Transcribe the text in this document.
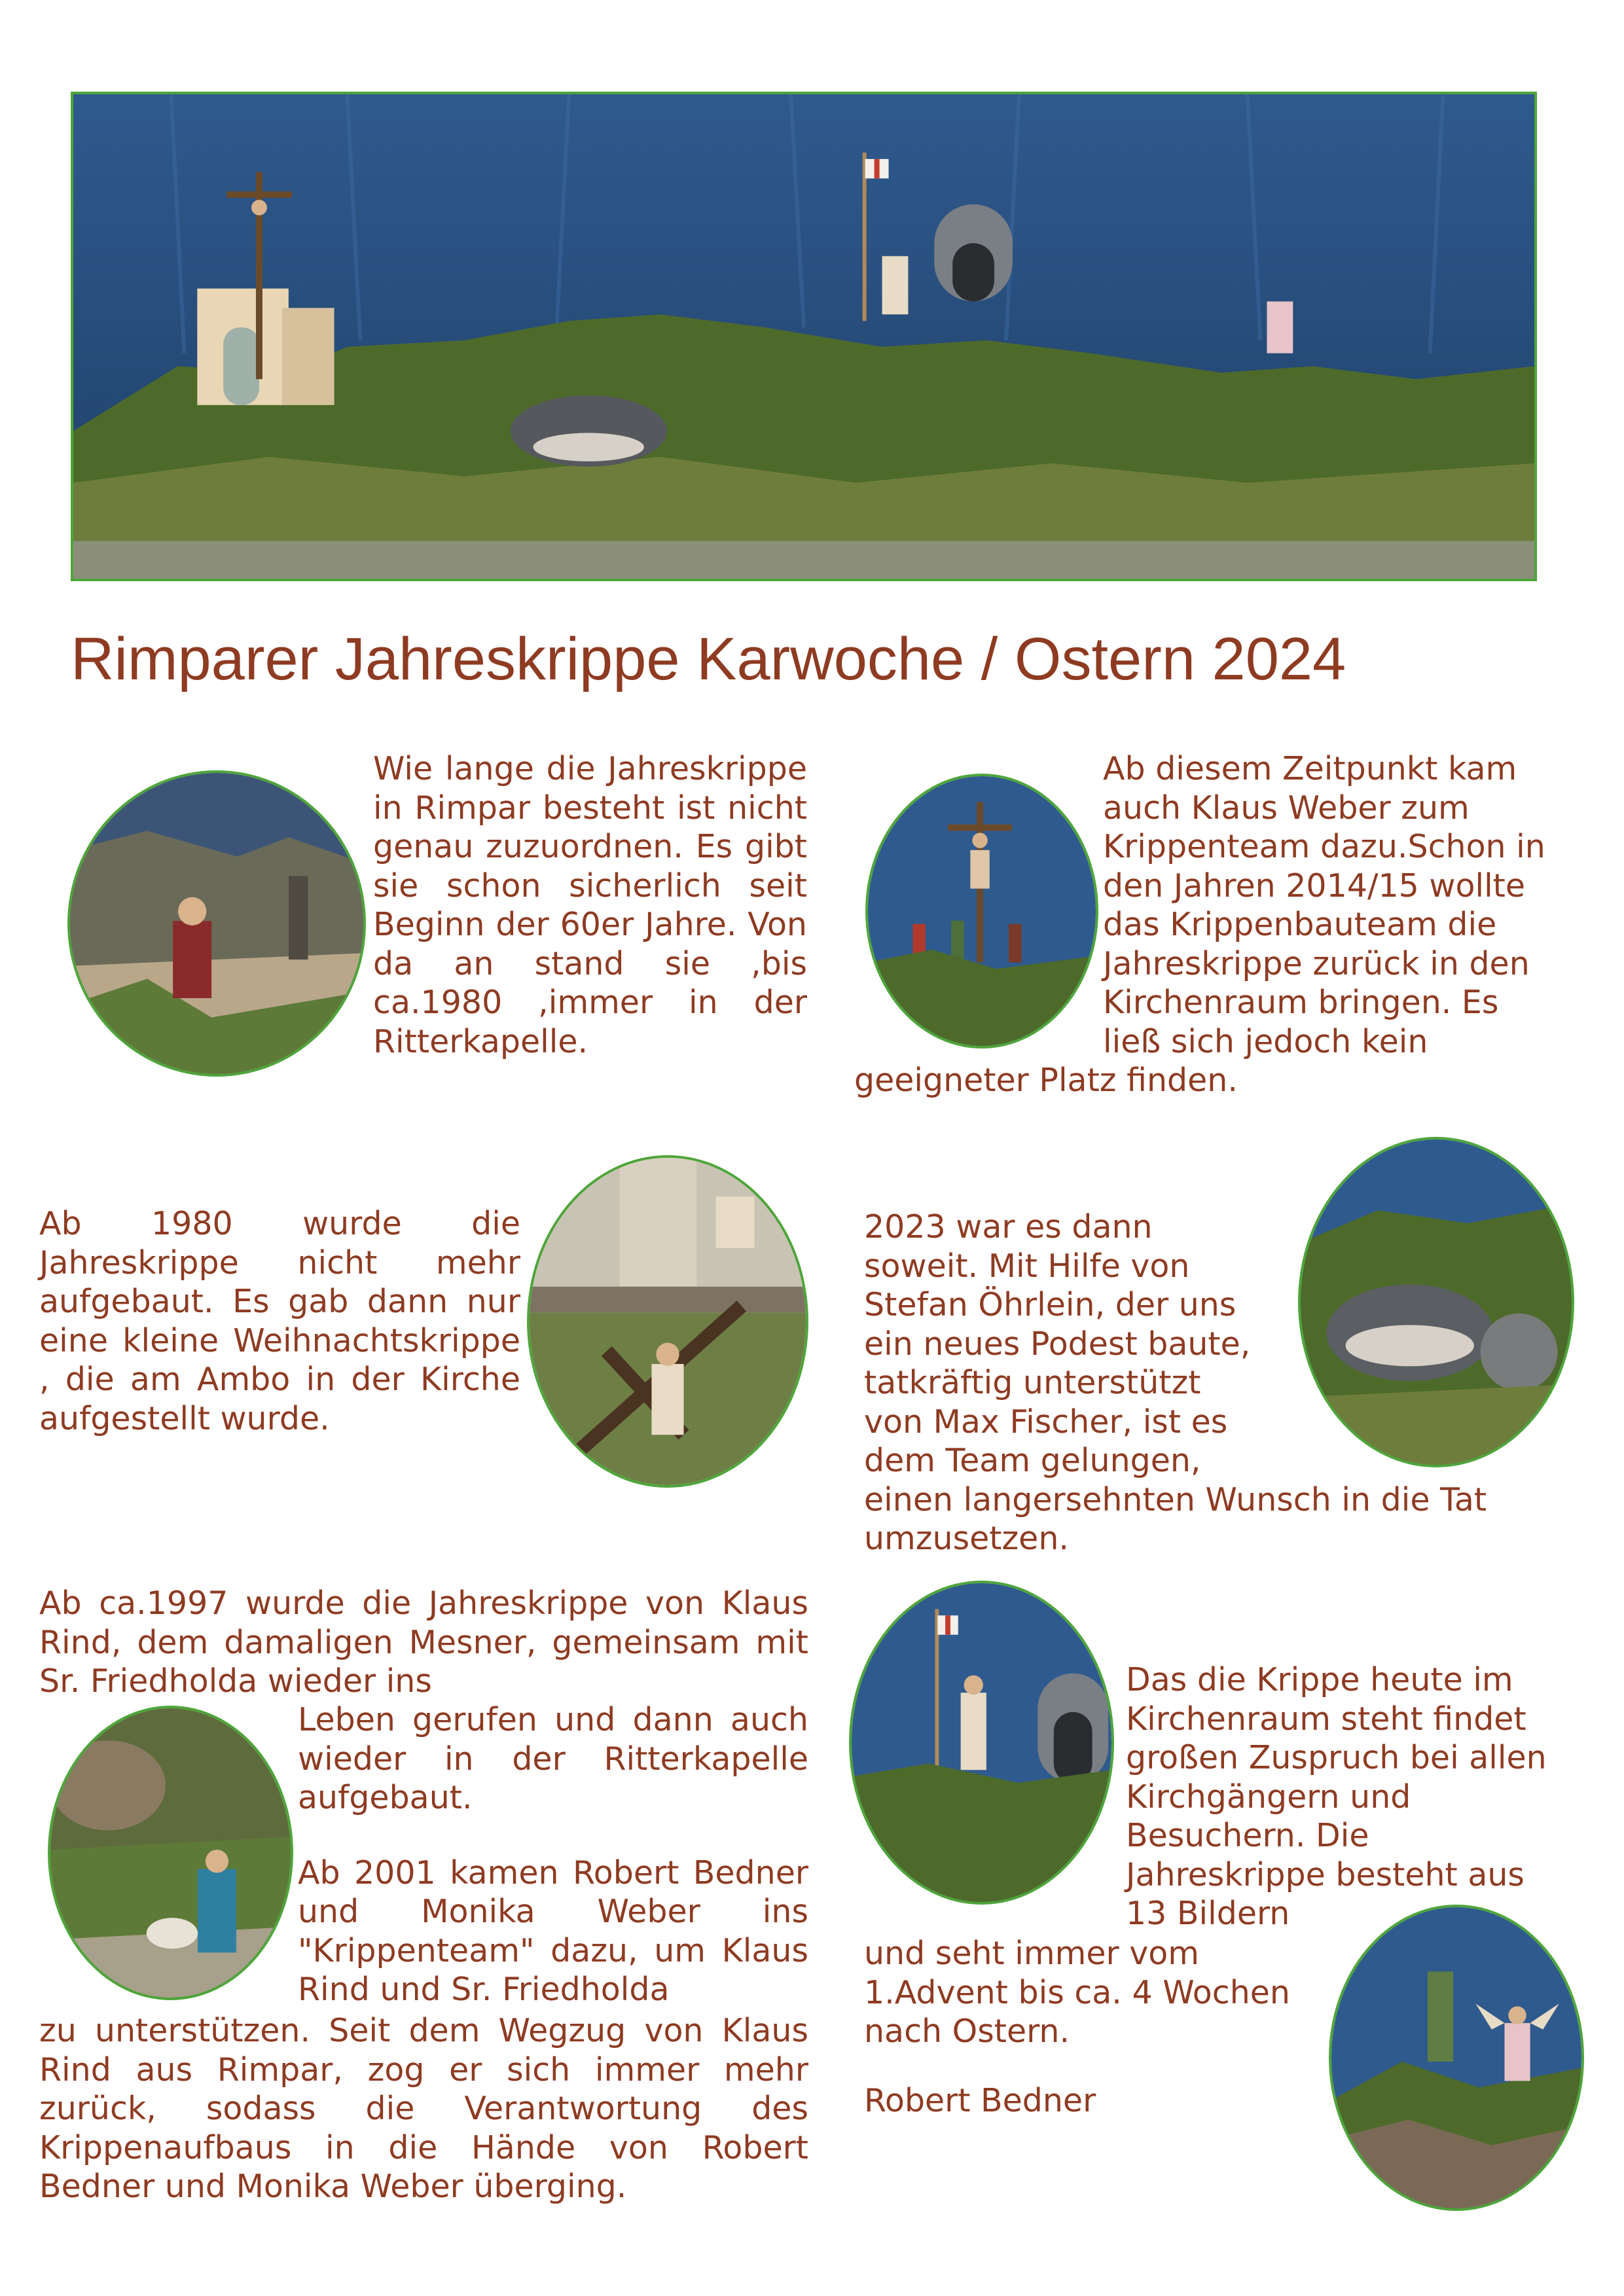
Rimparer Jahreskrippe Karwoche / Ostern 2024

Wie lange die Jahreskrippe in Rimpar besteht ist nicht genau zuzuordnen. Es gibt sie schon sicherlich seit Beginn der 60er Jahre. Von da an stand sie ,bis ca.1980 ,immer in der Ritterkapelle.

Ab diesem Zeitpunkt kam

auch Klaus Weber zum

Krippenteam dazu.Schon in

den Jahren 2014/15 wollte

das Krippenbauteam die

Jahreskrippe zurück in den

Kirchenraum bringen. Es

ließ sich jedoch kein

geeigneter Platz finden.

Ab 1980 wurde die Jahreskrippe nicht mehr aufgebaut. Es gab dann nur eine kleine Weihnachtskrippe , die am Ambo in der Kirche aufgestellt wurde.

2023 war es dann

soweit. Mit Hilfe von

Stefan Öhrlein, der uns

ein neues Podest baute,

tatkräftig unterstützt

von Max Fischer, ist es

dem Team gelungen,

einen langersehnten Wunsch in die Tat

umzusetzen.

Ab ca.1997 wurde die Jahreskrippe von Klaus Rind, dem damaligen Mesner, gemeinsam mit Sr. Friedholda wieder ins

Leben gerufen und dann auch wieder in der Ritterkapelle aufgebaut.

Ab 2001 kamen Robert Bedner und Monika Weber ins "Krippenteam" dazu, um Klaus Rind und Sr. Friedholda

zu unterstützen. Seit dem Wegzug von Klaus Rind aus Rimpar, zog er sich immer mehr zurück, sodass die Verantwortung des Krippenaufbaus in die Hände von Robert Bedner und Monika Weber überging.

Das die Krippe heute im

Kirchenraum steht findet

großen Zuspruch bei allen

Kirchgängern und

Besuchern. Die

Jahreskrippe besteht aus

13 Bildern

und seht immer vom

1.Advent bis ca. 4 Wochen

nach Ostern.

Robert Bedner
